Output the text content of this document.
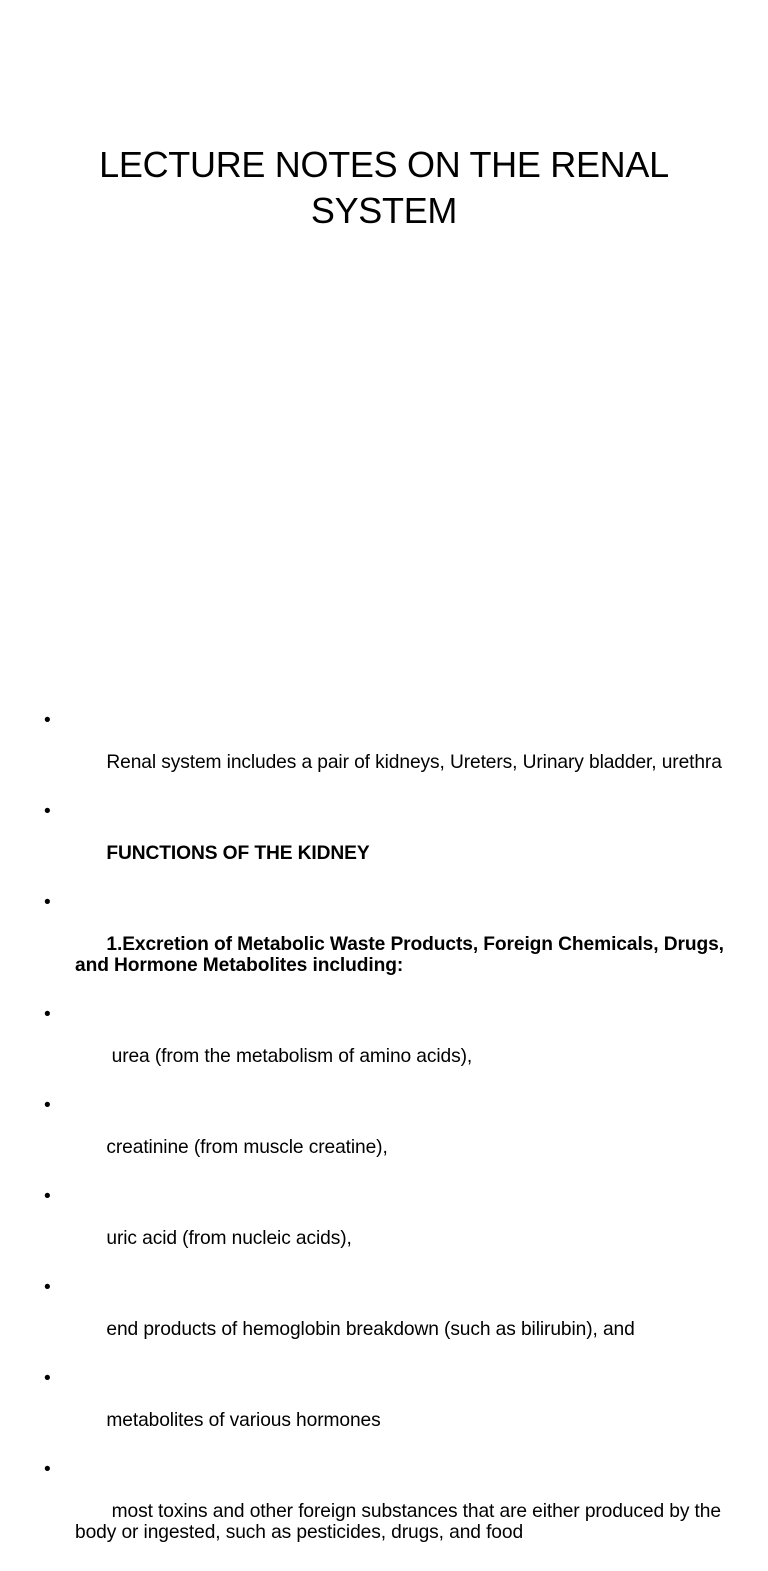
LECTURE NOTES ON THE RENAL
SYSTEM

•

Renal system includes a pair of kidneys, Ureters, Urinary bladder, urethra

•

FUNCTIONS OF THE KIDNEY

•

1.Excretion of Metabolic Waste Products, Foreign Chemicals, Drugs, and Hormone Metabolites including:

•

urea (from the metabolism of amino acids),

•

creatinine (from muscle creatine),

•

uric acid (from nucleic acids),

•

end products of hemoglobin breakdown (such as bilirubin), and

•

metabolites of various hormones

•

most toxins and other foreign substances that are either produced by the body or ingested, such as pesticides, drugs, and food
